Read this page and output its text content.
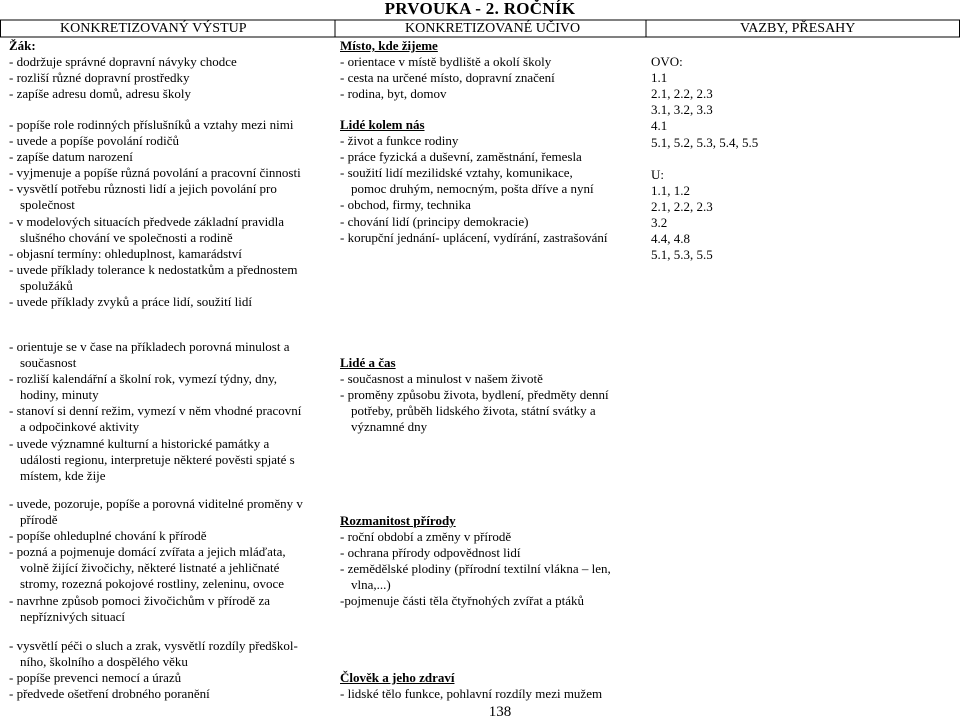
PRVOUKA - 2. ROČNÍK
KONKRETIZOVANÝ VÝSTUP	KONKRETIZOVANÉ UČIVO	VAZBY, PŘESAHY
Žák:
- dodržuje správné dopravní návyky chodce
- rozliší různé dopravní prostředky
- zapíše adresu domů, adresu školy
Místo, kde žijeme
- orientace v místě bydliště a okolí školy
- cesta na určené místo, dopravní značení
- rodina, byt, domov

OVO:
1.1
2.1, 2.2, 2.3
3.1, 3.2, 3.3
4.1
5.1, 5.2, 5.3, 5.4, 5.5

U:
1.1, 1.2
2.1, 2.2, 2.3
3.2
4.4, 4.8
5.1, 5.3, 5.5
- popíše role rodinných příslušníků a vztahy mezi nimi
- uvede a popíše povolání rodičů
- zapíše datum narození
- vyjmenuje a popíše různá povolání a pracovní činnosti
- vysvětlí potřebu různosti lidí a jejich povolání pro
společnost
- v modelových situacích předvede základní pravidla
slušného chování ve společnosti a rodině
- objasní termíny: ohleduplnost, kamarádství
- uvede příklady tolerance k nedostatkům a přednostem
spolužáků
- uvede příklady zvyků a práce lidí, soužití lidí
Lidé kolem nás
- život a funkce rodiny
- práce fyzická a duševní, zaměstnání, řemesla
- soužití lidí mezilidské vztahy, komunikace,
pomoc druhým, nemocným, pošta dříve a nyní
- obchod, firmy, technika
- chování lidí (principy demokracie)
- korupční jednání- uplácení, vydírání, zastrašování
- orientuje se v čase na příkladech porovná minulost a
současnost
- rozliší kalendářní a školní rok, vymezí týdny, dny,
hodiny, minuty
- stanoví si denní režim, vymezí v něm vhodné pracovní
a odpočinkové aktivity
- uvede významné kulturní a historické památky a
události regionu, interpretuje některé pověsti spjaté s
místem, kde žije
Lidé a čas
- současnost a minulost v našem životě
- proměny způsobu života, bydlení, předměty denní
potřeby, průběh lidského života, státní svátky a
významné dny
- uvede, pozoruje, popíše a porovná viditelné proměny v
přírodě
- popíše ohleduplné chování k přírodě
- pozná a pojmenuje domácí zvířata a jejich mláďata,
volně žijící živočichy, některé listnaté a jehličnaté
stromy, rozezná pokojové rostliny, zeleninu, ovoce
- navrhne způsob pomoci živočichům v přírodě za
nepříznivých situací
Rozmanitost přírody
- roční období a změny v přírodě
- ochrana přírody odpovědnost lidí
- zemědělské plodiny (přírodní textilní vlákna – len,
vlna,...)
-pojmenuje části těla čtyřnohých zvířat a ptáků
- vysvětlí péči o sluch a zrak, vysvětlí rozdíly předškol-
ního, školního a dospělého věku
- popíše prevenci nemocí a úrazů
- předvede ošetření drobného poranění
Člověk a jeho zdraví
- lidské tělo funkce, pohlavní rozdíly mezi mužem
138
